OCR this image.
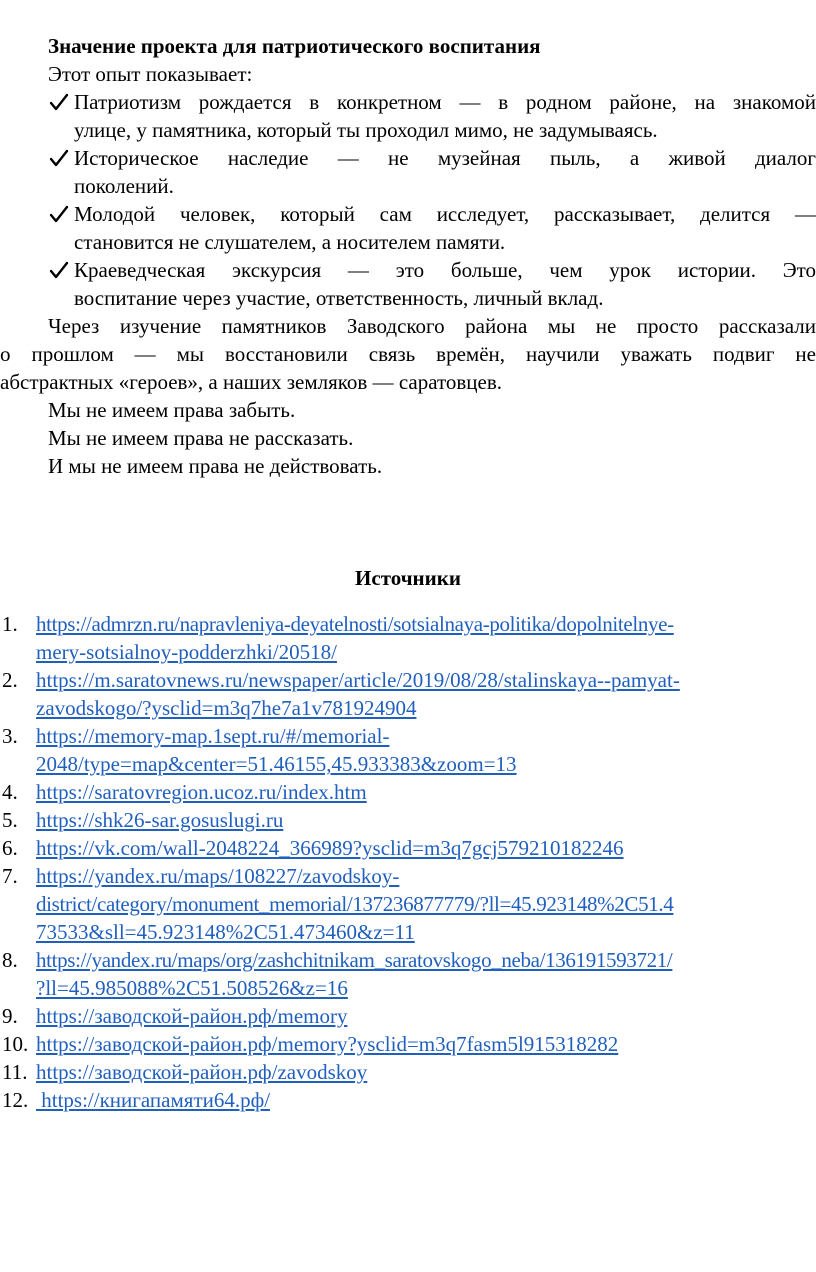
Значение проекта для патриотического воспитания
Этот опыт показывает:
Патриотизм рождается в конкретном — в родном районе, на знакомой
улице, у памятника, который ты проходил мимо, не задумываясь.
Историческое наследие — не музейная пыль, а живой диалог
поколений.
Молодой человек, который сам исследует, рассказывает, делится —
становится не слушателем, а носителем памяти.
Краеведческая экскурсия — это больше, чем урок истории. Это
воспитание через участие, ответственность, личный вклад.
Через изучение памятников Заводского района мы не просто рассказали
о прошлом — мы восстановили связь времён, научили уважать подвиг не
абстрактных «героев», а наших земляков — саратовцев.
Мы не имеем права забыть.
Мы не имеем права не рассказать.
И мы не имеем права не действовать.
Источники
1. https://admrzn.ru/napravleniya-deyatelnosti/sotsialnaya-politika/dopolnitelnye-
mery-sotsialnoy-podderzhki/20518/
2. https://m.saratovnews.ru/newspaper/article/2019/08/28/stalinskaya--pamyat-
zavodskogo/?ysclid=m3q7he7a1v781924904
3. https://memory-map.1sept.ru/#/memorial-
2048/type=map&center=51.46155,45.933383&zoom=13
4. https://saratovregion.ucoz.ru/index.htm
5. https://shk26-sar.gosuslugi.ru
6. https://vk.com/wall-2048224_366989?ysclid=m3q7gcj579210182246
7. https://yandex.ru/maps/108227/zavodskoy-
district/category/monument_memorial/137236877779/?ll=45.923148%2C51.4
73533&sll=45.923148%2C51.473460&z=11
8. https://yandex.ru/maps/org/zashchitnikam_saratovskogo_neba/136191593721/
?ll=45.985088%2C51.508526&z=16
9. https://заводской-район.рф/memory
10. https://заводской-район.рф/memory?ysclid=m3q7fasm5l915318282
11. https://заводской-район.рф/zavodskoy
12. https://книгапамяти64.рф/
